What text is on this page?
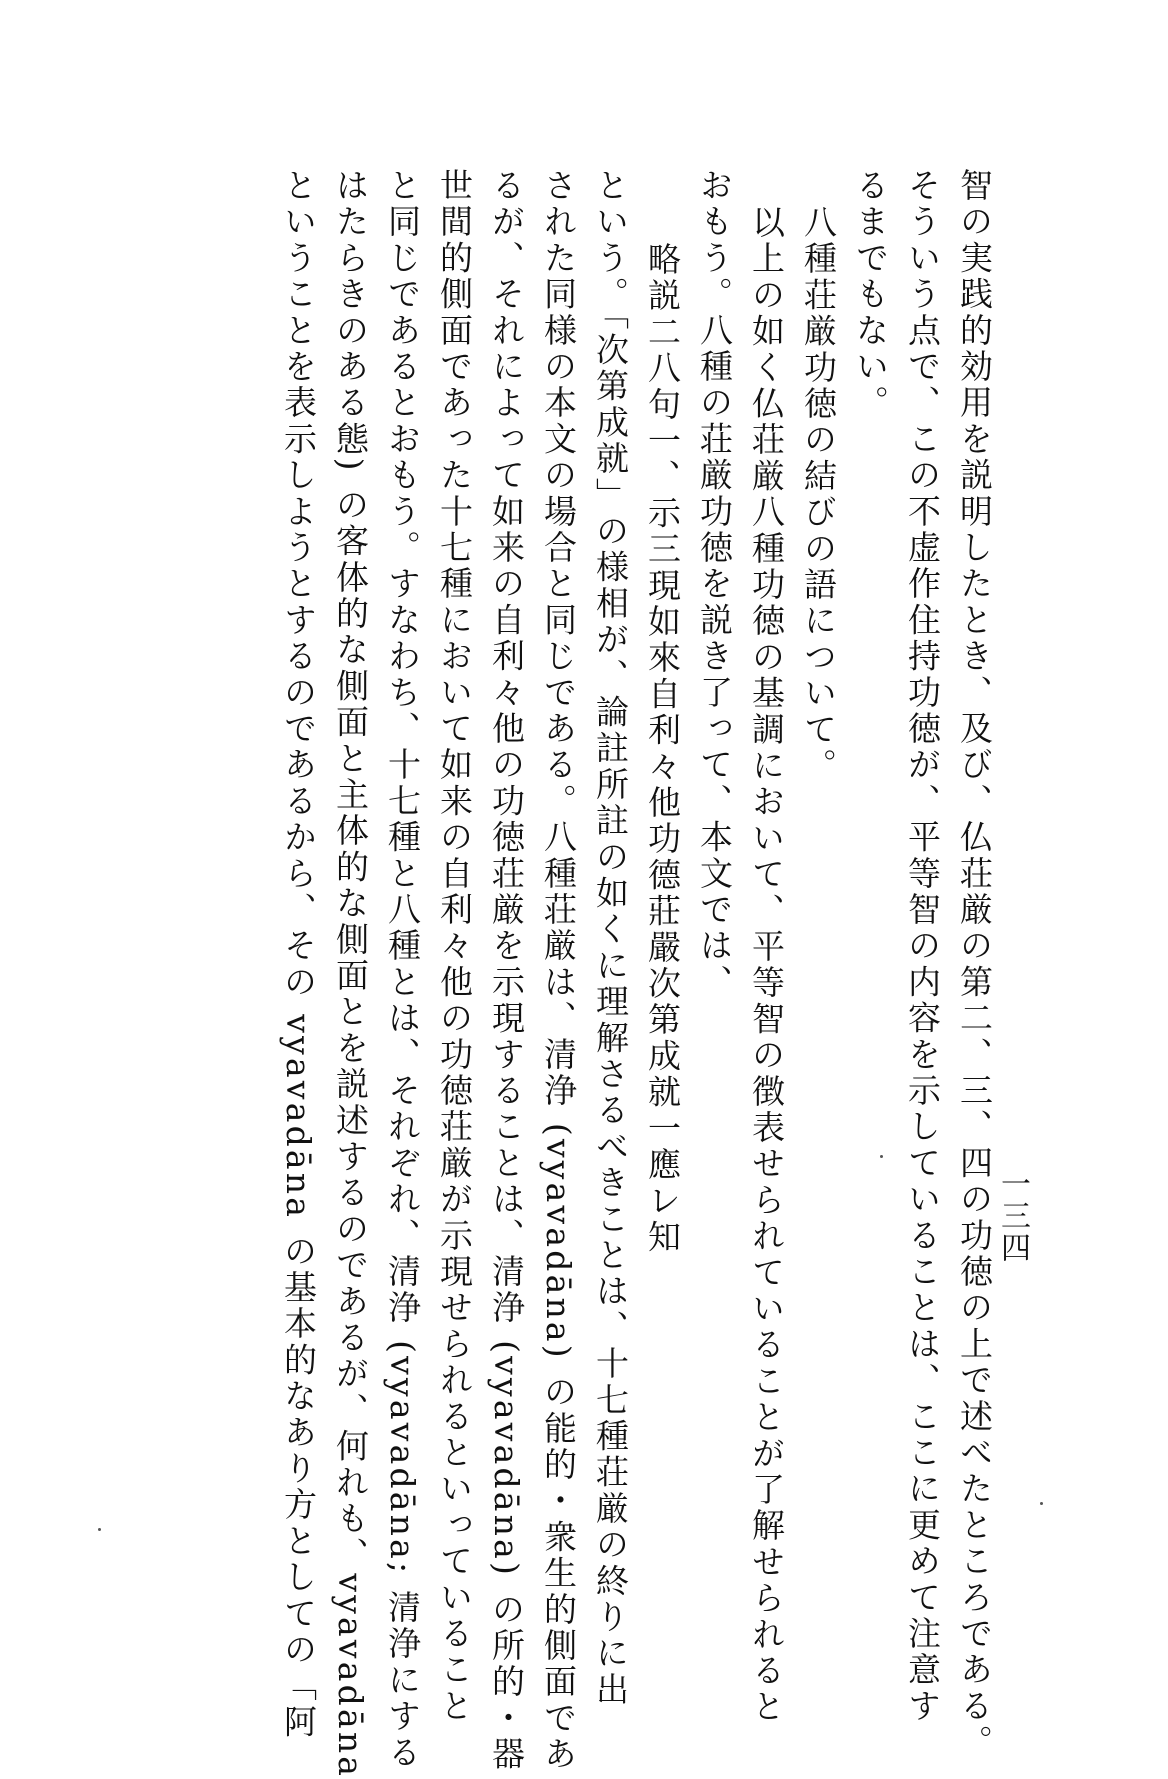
一三四
智の実践的効用を説明したとき、及び、仏荘厳の第二、三、四の功徳の上で述べたところである。
そういう点で、この不虚作住持功徳が、平等智の内容を示していることは、ここに更めて注意す
るまでもない。
八種荘厳功徳の結びの語について。
以上の如く仏荘厳八種功徳の基調において、平等智の徴表せられていることが了解せられると
おもう。八種の荘厳功徳を説き了って、本文では、
略説二八句一、示三現如來自利々他功德莊嚴次第成就一應レ知
という。「次第成就」の様相が、論註所註の如くに理解さるべきことは、十七種荘厳の終りに出
された同様の本文の場合と同じである。八種荘厳は、清浄 (vyavadāna) の能的・衆生的側面であ
るが、それによって如来の自利々他の功徳荘厳を示現することは、清浄 (vyavadāna) の所的・器
世間的側面であった十七種において如来の自利々他の功徳荘厳が示現せられるといっていること
と同じであるとおもう。すなわち、十七種と八種とは、それぞれ、清浄 (vyavadāna; 清浄にする
はたらきのある態) の客体的な側面と主体的な側面とを説述するのであるが、何れも、vyavadāna
ということを表示しようとするのであるから、その vyavadāna の基本的なあり方としての「阿
